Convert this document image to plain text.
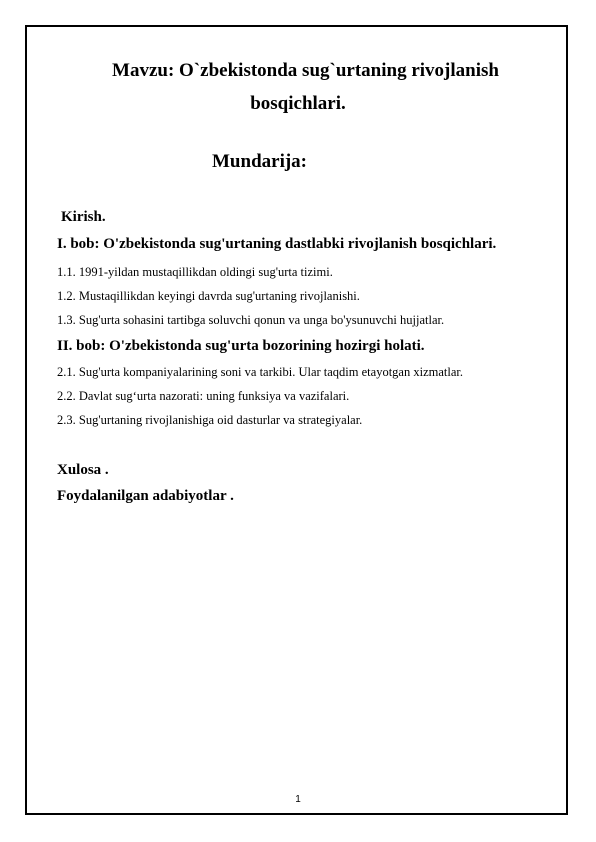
Mavzu: O`zbekistonda sug`urtaning rivojlanish
bosqichlari.
Mundarija:
Kirish.
I. bob: O'zbekistonda sug'urtaning dastlabki rivojlanish bosqichlari.
1.1. 1991-yildan mustaqillikdan oldingi sug'urta tizimi.
1.2. Mustaqillikdan keyingi davrda sug'urtaning rivojlanishi.
1.3. Sug'urta sohasini tartibga soluvchi qonun va unga bo'ysunuvchi hujjatlar.
II. bob: O'zbekistonda sug'urta bozorining hozirgi holati.
2.1. Sug'urta kompaniyalarining soni va tarkibi. Ular taqdim etayotgan xizmatlar.
2.2. Davlat sug‘urta nazorati: uning funksiya va vazifalari.
2.3. Sug'urtaning rivojlanishiga oid dasturlar va strategiyalar.
Xulosa .
Foydalanilgan adabiyotlar .
1
